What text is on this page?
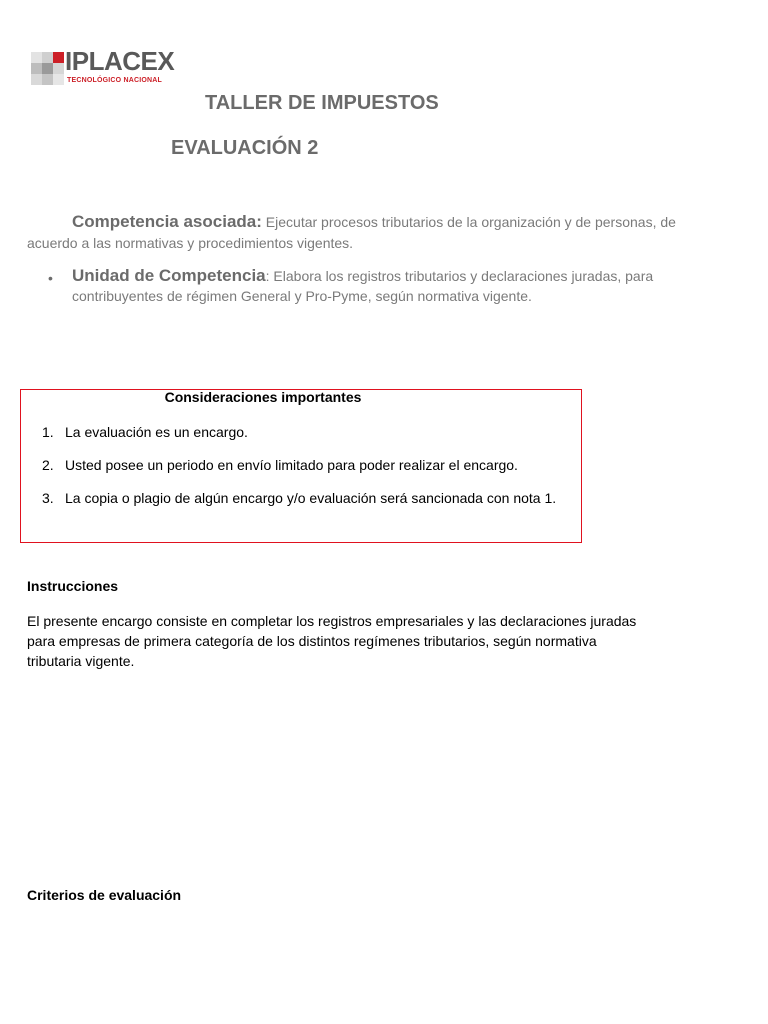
IPLACEX
TECNOLÓGICO NACIONAL
TALLER DE IMPUESTOS
EVALUACIÓN 2

Competencia asociada: Ejecutar procesos tributarios de la organización y de personas, de acuerdo a las normativas y procedimientos vigentes.

•	Unidad de Competencia: Elabora los registros tributarios y declaraciones juradas, para contribuyentes de régimen General y Pro-Pyme, según normativa vigente.
Consideraciones importantes
1. La evaluación es un encargo.
2. Usted posee un periodo en envío limitado para poder realizar el encargo.
3. La copia o plagio de algún encargo y/o evaluación será sancionada con nota 1.
Instrucciones
El presente encargo consiste en completar los registros empresariales y las declaraciones juradas para empresas de primera categoría de los distintos regímenes tributarios, según normativa tributaria vigente.
Criterios de evaluación
